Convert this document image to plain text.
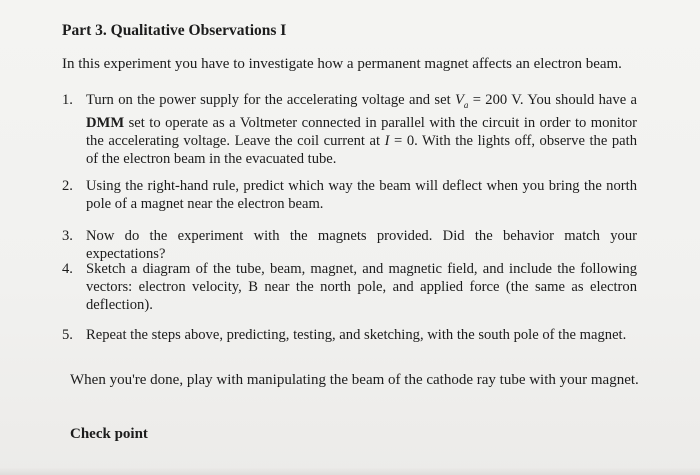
Part 3. Qualitative Observations I

In this experiment you have to investigate how a permanent magnet affects an electron beam.

1. Turn on the power supply for the accelerating voltage and set $V_a = 200$ V. You should have a DMM set to operate as a Voltmeter connected in parallel with the circuit in order to monitor the accelerating voltage. Leave the coil current at I = 0. With the lights off, observe the path of the electron beam in the evacuated tube.
2. Using the right-hand rule, predict which way the beam will deflect when you bring the north pole of a magnet near the electron beam.
3. Now do the experiment with the magnets provided. Did the behavior match your expectations?
4. Sketch a diagram of the tube, beam, magnet, and magnetic field, and include the following vectors: electron velocity, B near the north pole, and applied force (the same as electron deflection).
5. Repeat the steps above, predicting, testing, and sketching, with the south pole of the magnet.

When you're done, play with manipulating the beam of the cathode ray tube with your magnet.

Check point
